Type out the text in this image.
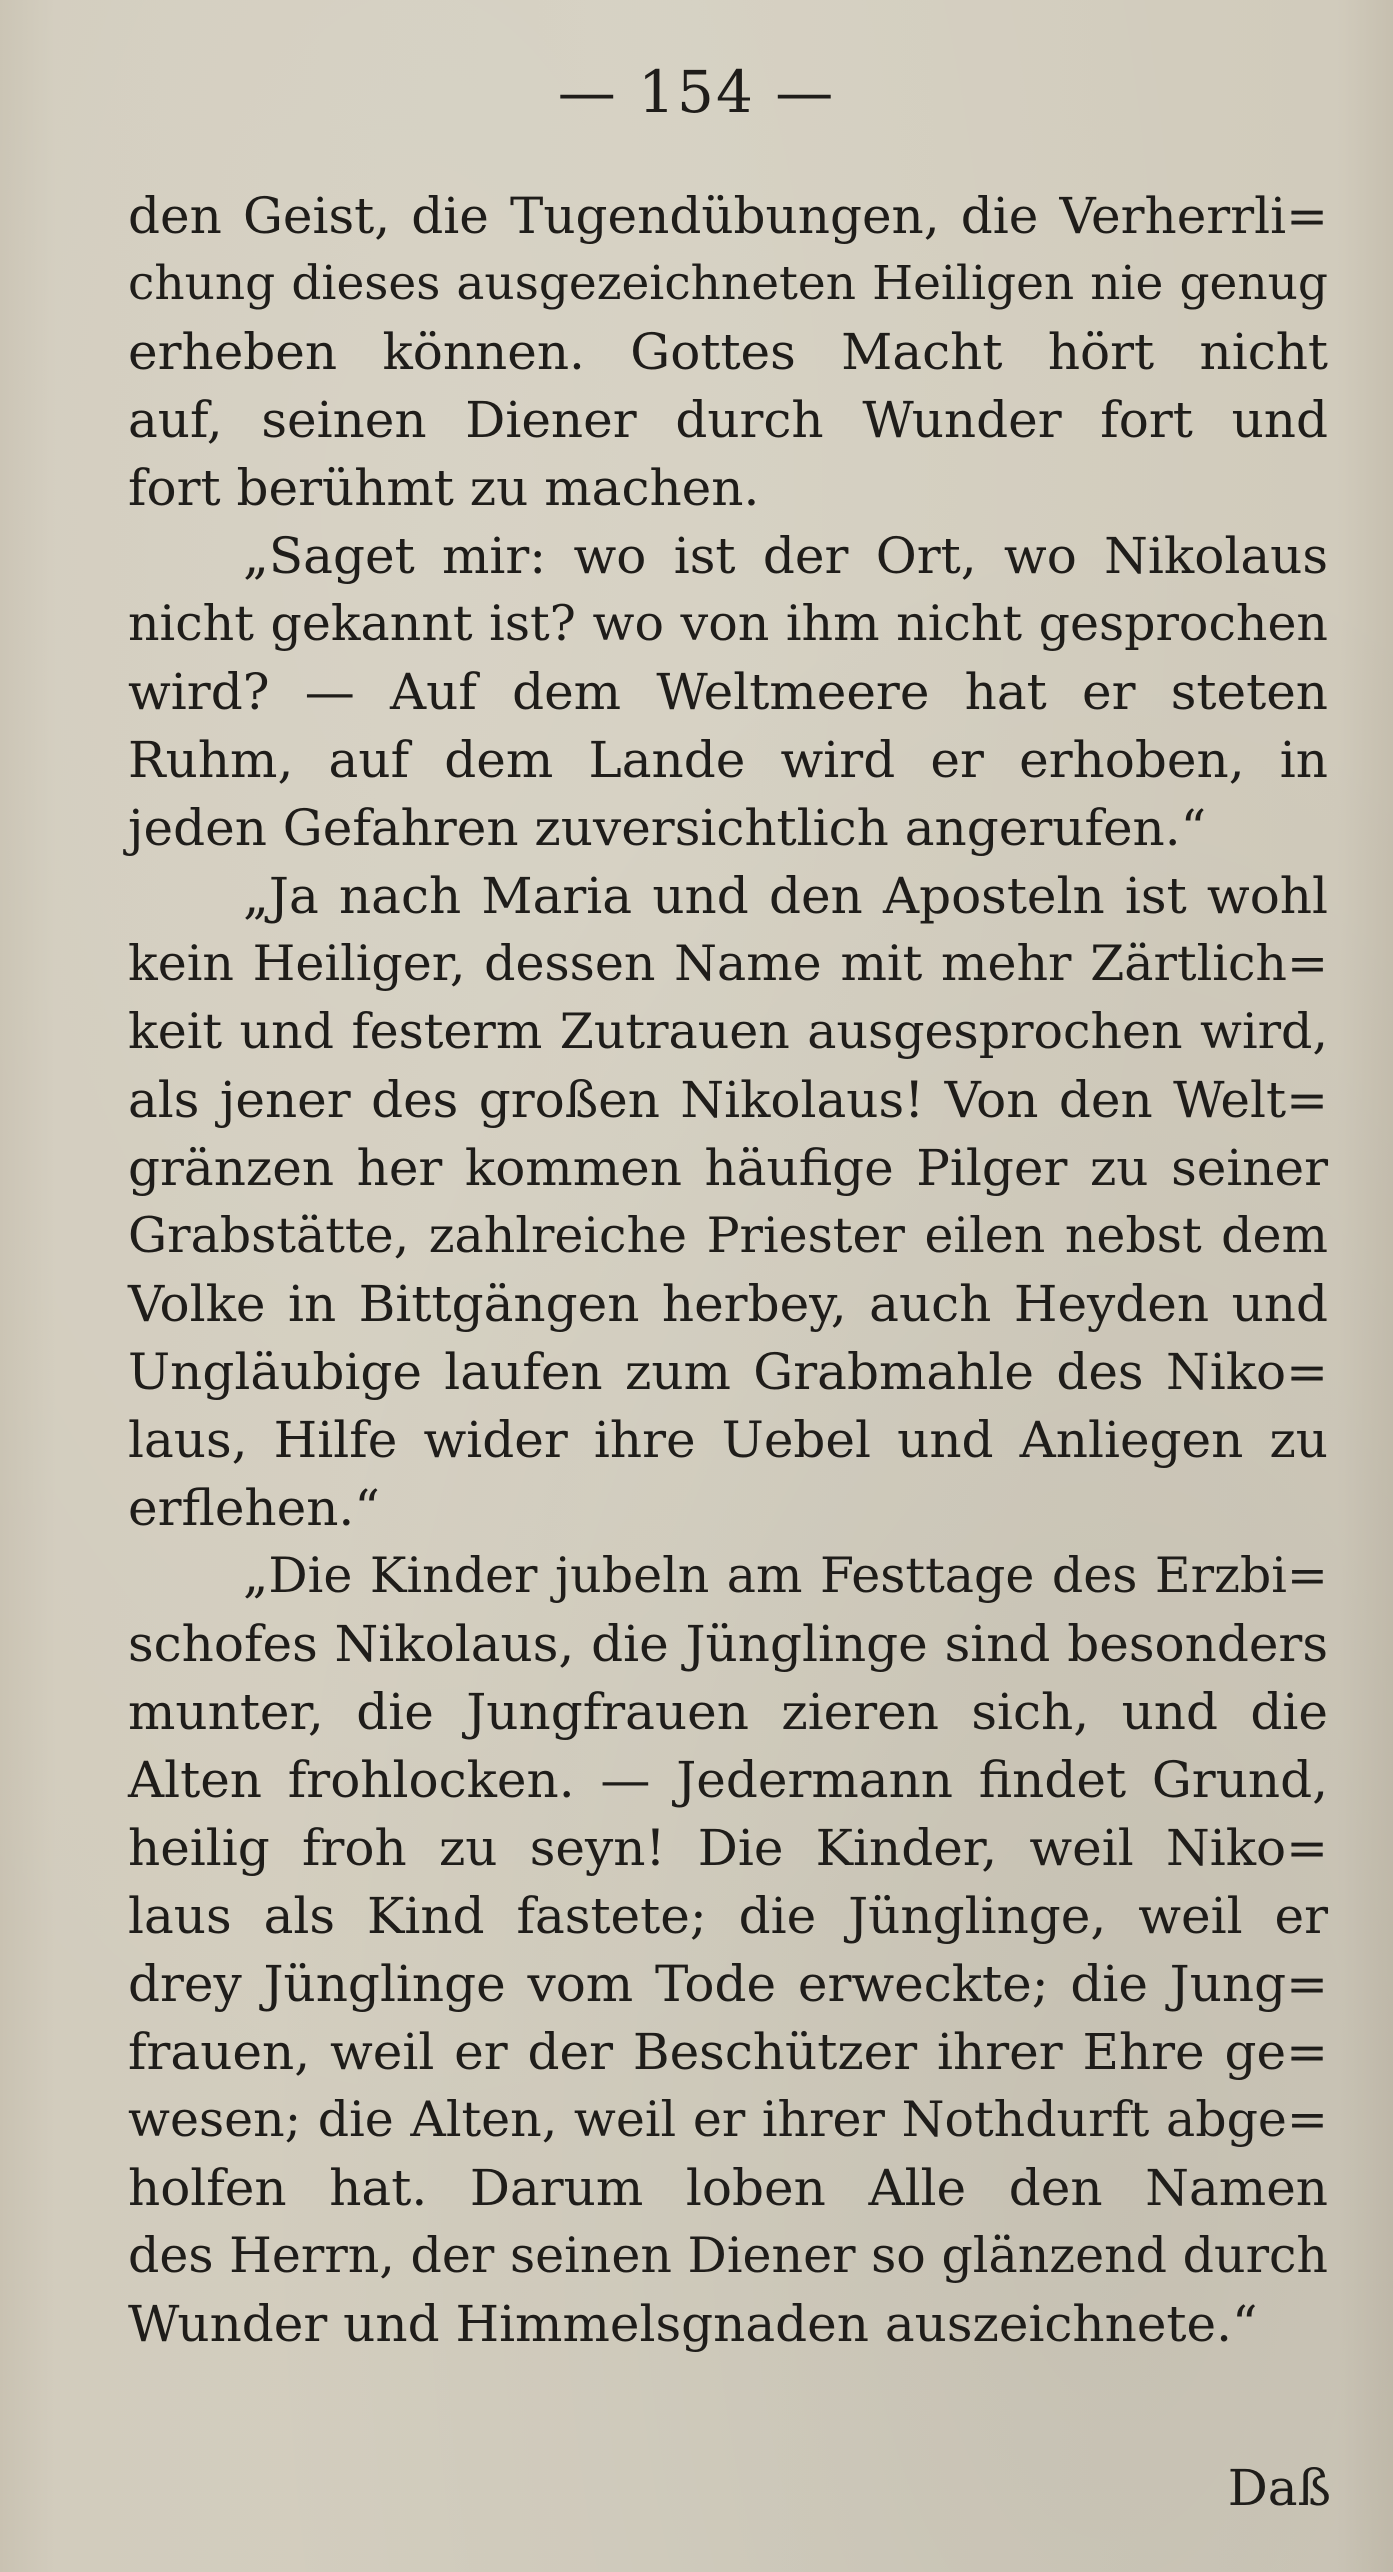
— 154 —
den Geist, die Tugendübungen, die Verherrli=
chung dieses ausgezeichneten Heiligen nie genug
erheben können. Gottes Macht hört nicht
auf, seinen Diener durch Wunder fort und
fort berühmt zu machen.
„Saget mir: wo ist der Ort, wo Nikolaus
nicht gekannt ist? wo von ihm nicht gesprochen
wird? — Auf dem Weltmeere hat er steten
Ruhm, auf dem Lande wird er erhoben, in
jeden Gefahren zuversichtlich angerufen.“
„Ja nach Maria und den Aposteln ist wohl
kein Heiliger, dessen Name mit mehr Zärtlich=
keit und festerm Zutrauen ausgesprochen wird,
als jener des großen Nikolaus! Von den Welt=
gränzen her kommen häufige Pilger zu seiner
Grabstätte, zahlreiche Priester eilen nebst dem
Volke in Bittgängen herbey, auch Heyden und
Ungläubige laufen zum Grabmahle des Niko=
laus, Hilfe wider ihre Uebel und Anliegen zu
erflehen.“
„Die Kinder jubeln am Festtage des Erzbi=
schofes Nikolaus, die Jünglinge sind besonders
munter, die Jungfrauen zieren sich, und die
Alten frohlocken. — Jedermann findet Grund,
heilig froh zu seyn! Die Kinder, weil Niko=
laus als Kind fastete; die Jünglinge, weil er
drey Jünglinge vom Tode erweckte; die Jung=
frauen, weil er der Beschützer ihrer Ehre ge=
wesen; die Alten, weil er ihrer Nothdurft abge=
holfen hat. Darum loben Alle den Namen
des Herrn, der seinen Diener so glänzend durch
Wunder und Himmelsgnaden auszeichnete.“
Daß
